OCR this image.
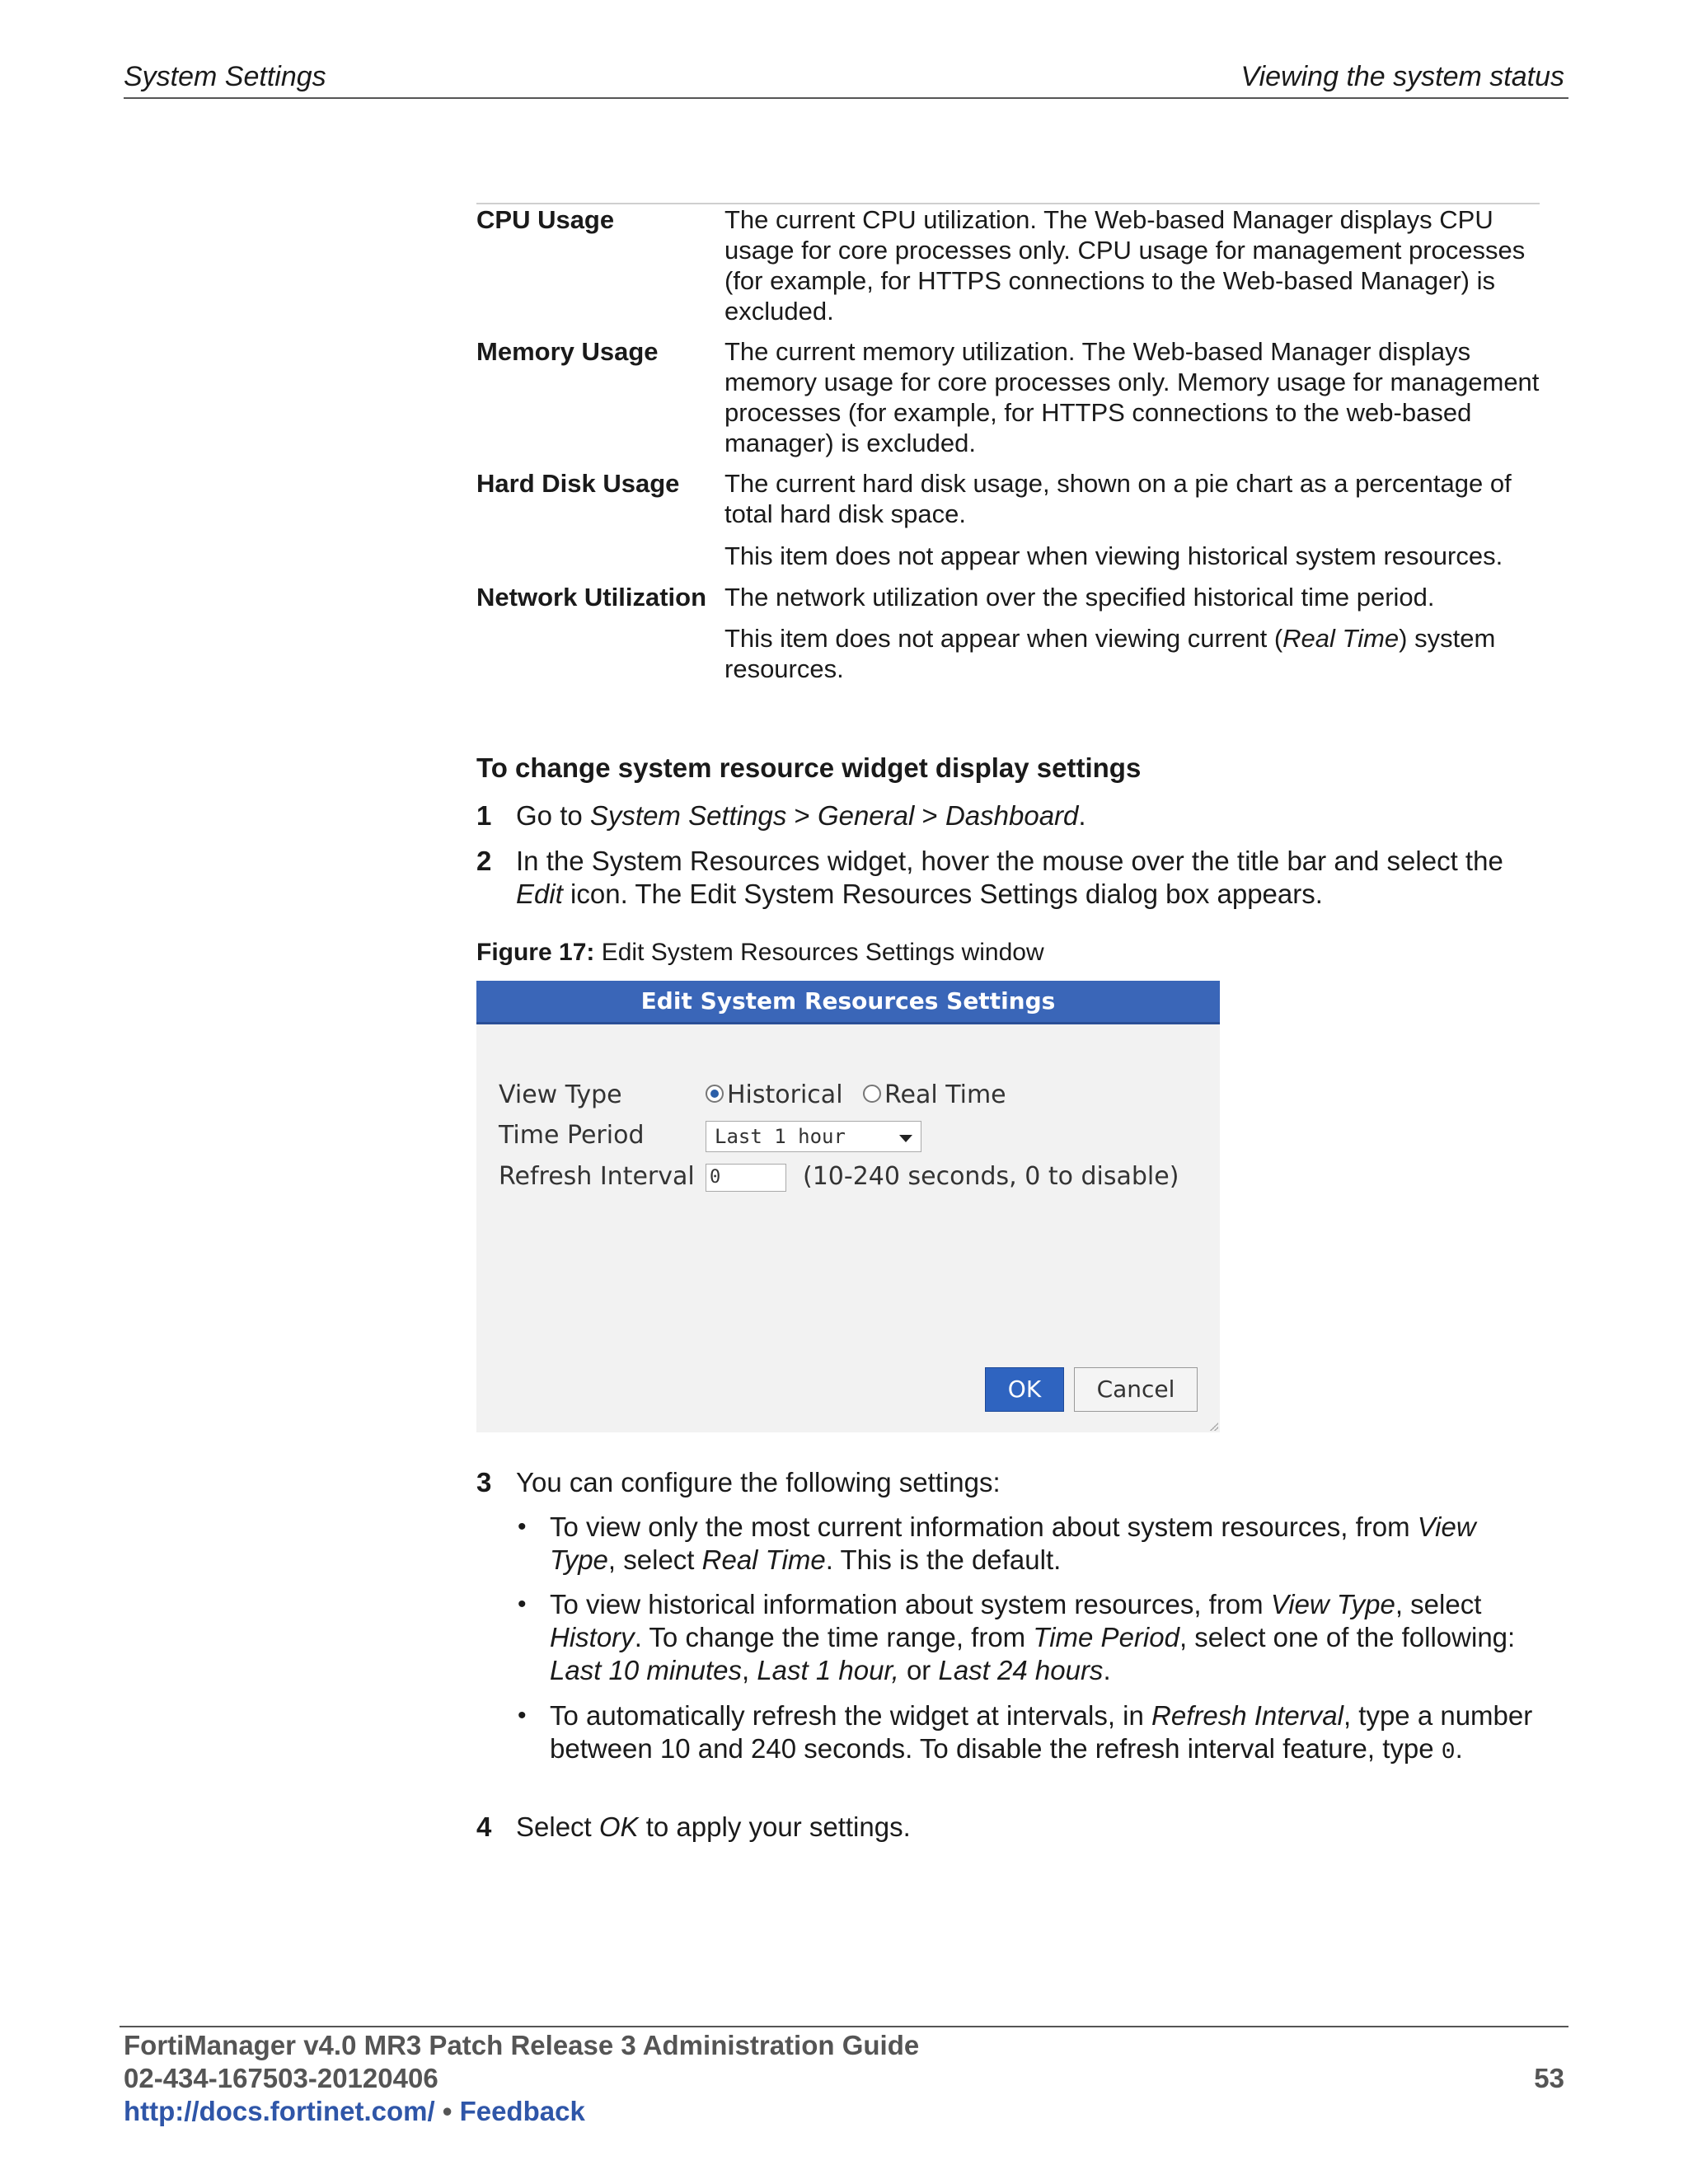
System Settings	Viewing the system status
CPU Usage	The current CPU utilization. The Web-based Manager displays CPU usage for core processes only. CPU usage for management processes (for example, for HTTPS connections to the Web-based Manager) is excluded.
Memory Usage	The current memory utilization. The Web-based Manager displays memory usage for core processes only. Memory usage for management processes (for example, for HTTPS connections to the web-based manager) is excluded.
Hard Disk Usage The current hard disk usage, shown on a pie chart as a percentage of total hard disk space.
This item does not appear when viewing historical system resources.
Network Utilization The network utilization over the specified historical time period.
This item does not appear when viewing current (Real Time) system resources.
To change system resource widget display settings
1 Go to System Settings > General > Dashboard.
2 In the System Resources widget, hover the mouse over the title bar and select the Edit icon. The Edit System Resources Settings dialog box appears.
Figure 17: Edit System Resources Settings window
Edit System Resources Settings
View Type	Historical Real Time
Time Period	Last 1 hour
Refresh Interval 0	(10-240 seconds, 0 to disable)
OK	Cancel
3 You can configure the following settings:
• To view only the most current information about system resources, from View Type, select Real Time. This is the default.
• To view historical information about system resources, from View Type, select History. To change the time range, from Time Period, select one of the following: Last 10 minutes, Last 1 hour, or Last 24 hours.
• To automatically refresh the widget at intervals, in Refresh Interval, type a number between 10 and 240 seconds. To disable the refresh interval feature, type 0.
4 Select OK to apply your settings.
FortiManager v4.0 MR3 Patch Release 3 Administration Guide
02-434-167503-20120406
http://docs.fortinet.com/ • Feedback
53
